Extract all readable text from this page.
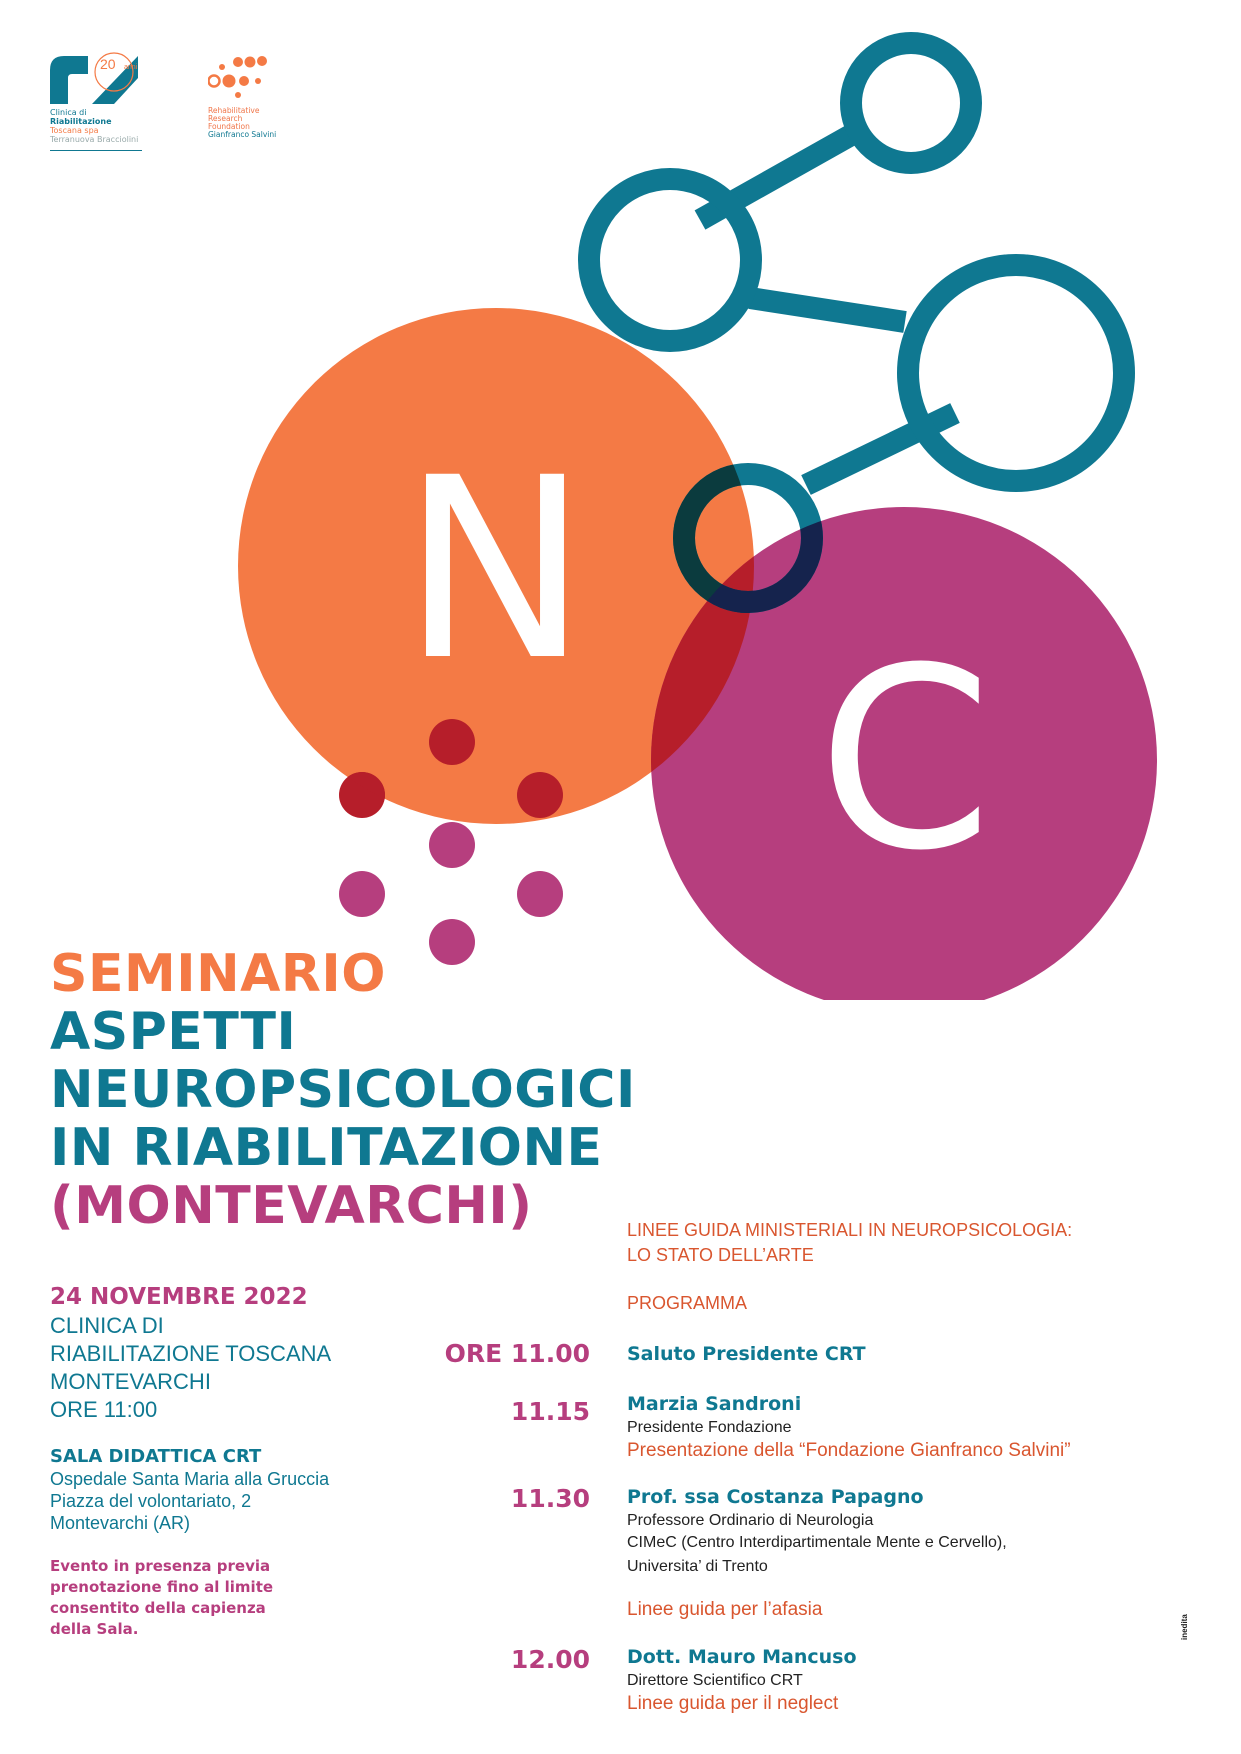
20 anni
Clinica di
Riabilitazione
Toscana spa
Terranuova Bracciolini
Rehabilitative
Research
Foundation
Gianfranco Salvini
N
C
SEMINARIO
ASPETTI
NEUROPSICOLOGICI
IN RIABILITAZIONE
(MONTEVARCHI)
24 NOVEMBRE 2022
CLINICA DI
RIABILITAZIONE TOSCANA
MONTEVARCHI
ORE 11:00
SALA DIDATTICA CRT
Ospedale Santa Maria alla Gruccia
Piazza del volontariato, 2
Montevarchi (AR)
Evento in presenza previa
prenotazione fino al limite
consentito della capienza
della Sala.
LINEE GUIDA MINISTERIALI IN NEUROPSICOLOGIA:
LO STATO DELL’ARTE
PROGRAMMA
ORE 11.00 Saluto Presidente CRT
11.15 Marzia Sandroni
Presidente Fondazione
Presentazione della “Fondazione Gianfranco Salvini”
11.30 Prof. ssa Costanza Papagno
Professore Ordinario di Neurologia
CIMeC (Centro Interdipartimentale Mente e Cervello),
Universita’ di Trento
Linee guida per l’afasia
12.00 Dott. Mauro Mancuso
Direttore Scientifico CRT
Linee guida per il neglect
inedita
